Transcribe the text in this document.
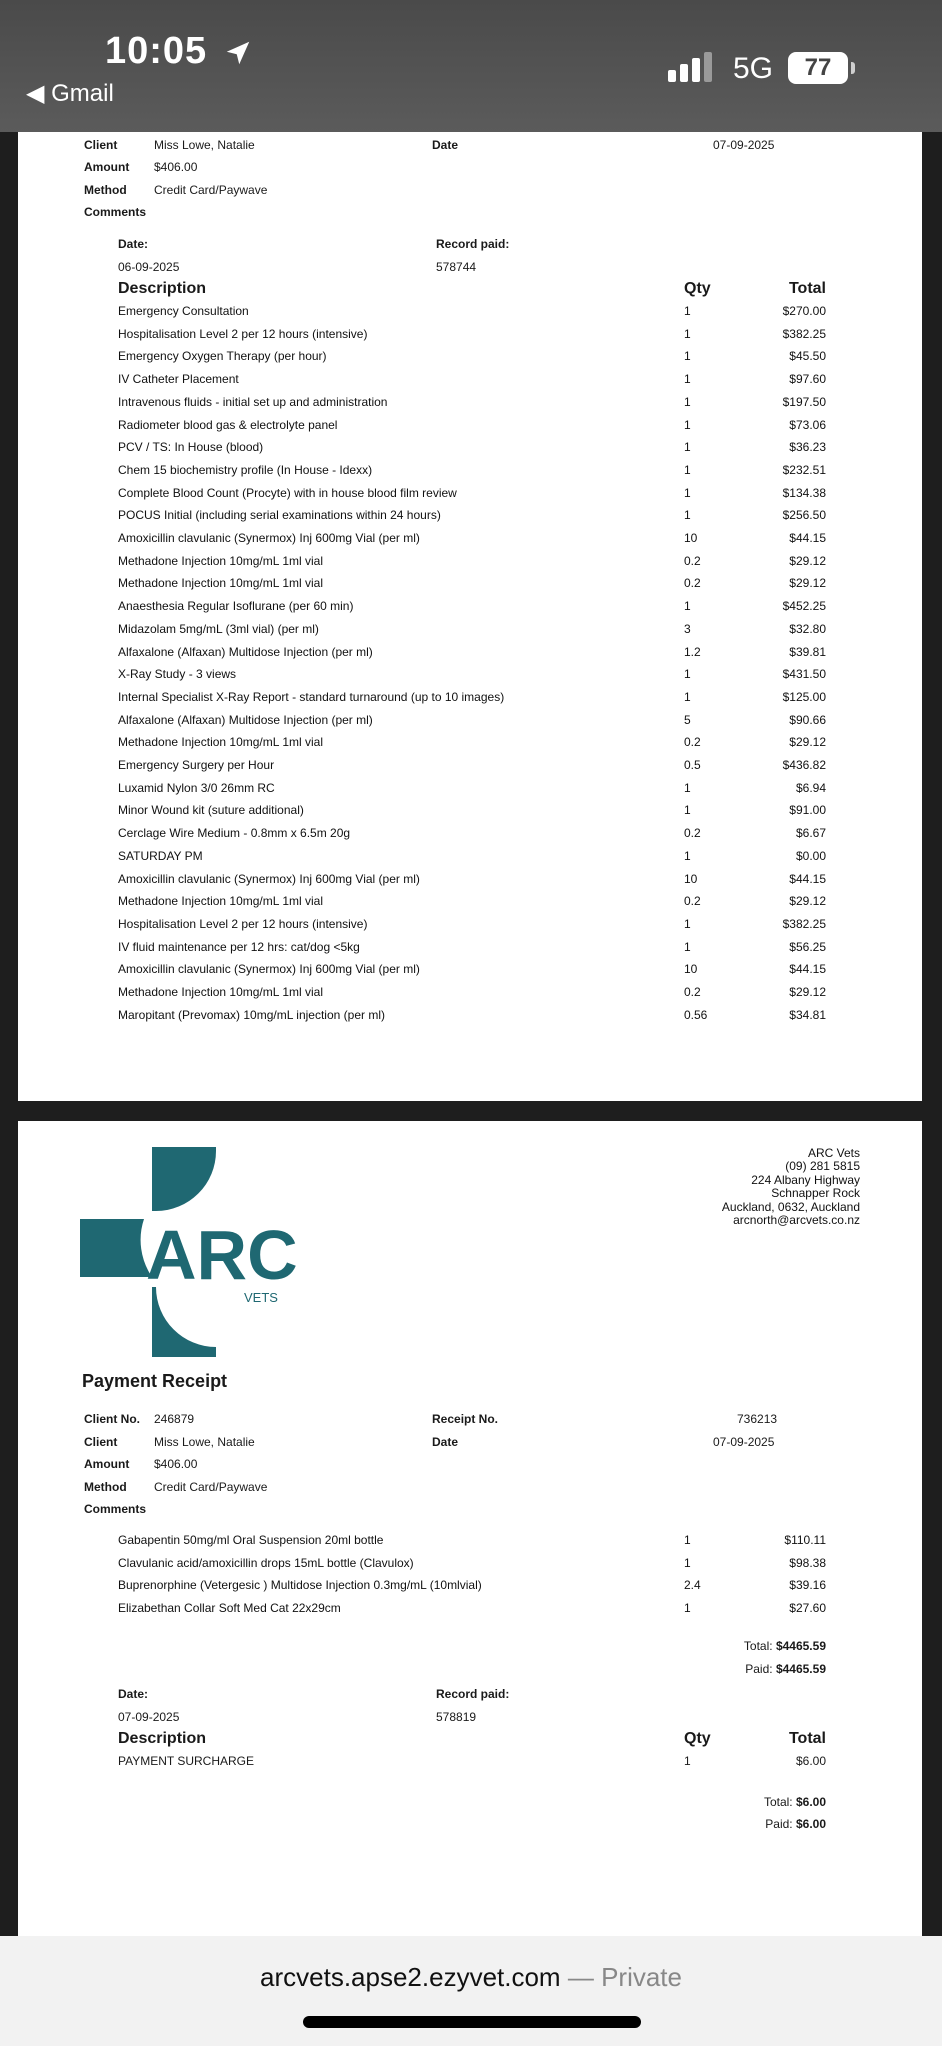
10:05
◀ Gmail
5G	77
Client	Miss Lowe, Natalie	Date	07-09-2025
Amount $406.00
Method Credit Card/Paywave
Comments
Date:	Record paid:
06-09-2025	578744
Description	Qty	Total
Emergency Consultation	1	$270.00
Hospitalisation Level 2 per 12 hours (intensive)	1	$382.25
Emergency Oxygen Therapy (per hour)	1	$45.50
IV Catheter Placement	1	$97.60
Intravenous fluids - initial set up and administration	1	$197.50
Radiometer blood gas & electrolyte panel	1	$73.06
PCV / TS: In House (blood)	1	$36.23
Chem 15 biochemistry profile (In House - Idexx)	1	$232.51
Complete Blood Count (Procyte) with in house blood film review	1	$134.38
POCUS Initial (including serial examinations within 24 hours)	1	$256.50
Amoxicillin clavulanic (Synermox) Inj 600mg Vial (per ml)	10	$44.15
Methadone Injection 10mg/mL 1ml vial	0.2	$29.12
Methadone Injection 10mg/mL 1ml vial	0.2	$29.12
Anaesthesia Regular Isoflurane (per 60 min)	1	$452.25
Midazolam 5mg/mL (3ml vial) (per ml)	3	$32.80
Alfaxalone (Alfaxan) Multidose Injection (per ml)	1.2	$39.81
X-Ray Study - 3 views	1	$431.50
Internal Specialist X-Ray Report - standard turnaround (up to 10 images)	1	$125.00
Alfaxalone (Alfaxan) Multidose Injection (per ml)	5	$90.66
Methadone Injection 10mg/mL 1ml vial	0.2	$29.12
Emergency Surgery per Hour	0.5	$436.82
Luxamid Nylon 3/0 26mm RC	1	$6.94
Minor Wound kit (suture additional)	1	$91.00
Cerclage Wire Medium - 0.8mm x 6.5m 20g	0.2	$6.67
SATURDAY PM	1	$0.00
Amoxicillin clavulanic (Synermox) Inj 600mg Vial (per ml)	10	$44.15
Methadone Injection 10mg/mL 1ml vial	0.2	$29.12
Hospitalisation Level 2 per 12 hours (intensive)	1	$382.25
IV fluid maintenance per 12 hrs: cat/dog <5kg	1	$56.25
Amoxicillin clavulanic (Synermox) Inj 600mg Vial (per ml)	10	$44.15
Methadone Injection 10mg/mL 1ml vial	0.2	$29.12
Maropitant (Prevomax) 10mg/mL injection (per ml)	0.56	$34.81
ARC
VETS
ARC Vets
(09) 281 5815
224 Albany Highway
Schnapper Rock
Auckland, 0632, Auckland
arcnorth@arcvets.co.nz
Payment Receipt
Client No. 246879	Receipt No.	736213
Client	Miss Lowe, Natalie	Date	07-09-2025
Amount $406.00
Method Credit Card/Paywave
Comments
Gabapentin 50mg/ml Oral Suspension 20ml bottle	1	$110.11
Clavulanic acid/amoxicillin drops 15mL bottle (Clavulox)	1	$98.38
Buprenorphine (Vetergesic ) Multidose Injection 0.3mg/mL (10mlvial)	2.4	$39.16
Elizabethan Collar Soft Med Cat 22x29cm	1	$27.60
Total: $4465.59
Paid: $4465.59
Date:	Record paid:
07-09-2025	578819
Description	Qty	Total
PAYMENT SURCHARGE	1	$6.00
Total: $6.00
Paid: $6.00
arcvets.apse2.ezyvet.com — Private
